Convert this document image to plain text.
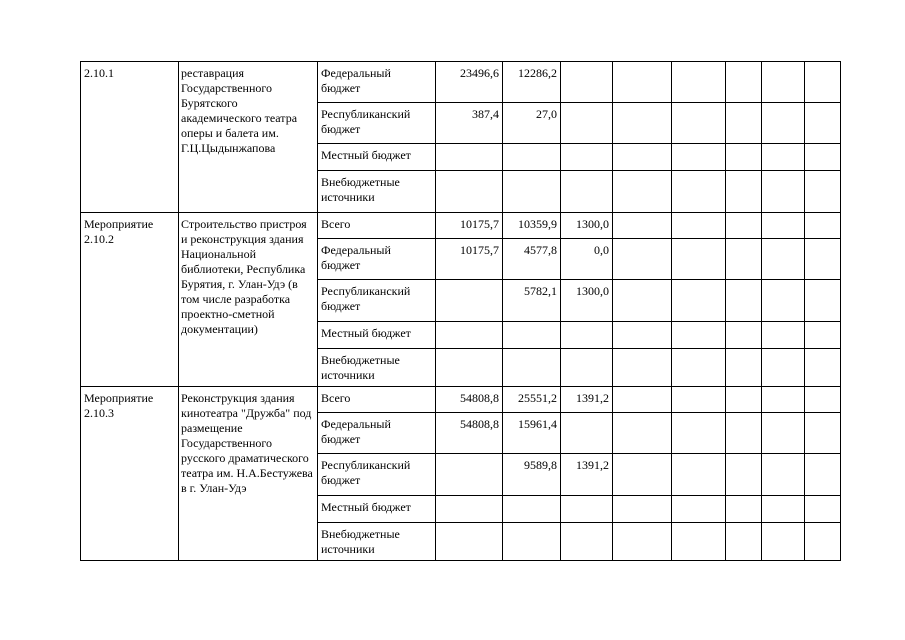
2.10.1	реставрация Государственного Бурятского академического театра оперы и балета им. Г.Ц.Цыдынжапова	Федеральный бюджет	23496,6	12286,2						
		Республиканский бюджет	387,4	27,0						
		Местный бюджет								
		Внебюджетные источники								
Мероприятие 2.10.2	Строительство пристроя и реконструкция здания Национальной библиотеки, Республика Бурятия, г. Улан-Удэ (в том числе разработка проектно-сметной документации)	Всего	10175,7	10359,9	1300,0					
		Федеральный бюджет	10175,7	4577,8	0,0					
		Республиканский бюджет		5782,1	1300,0					
		Местный бюджет								
		Внебюджетные источники								
Мероприятие 2.10.3	Реконструкция здания кинотеатра "Дружба" под размещение Государственного русского драматического театра им. Н.А.Бестужева в г. Улан-Удэ	Всего	54808,8	25551,2	1391,2					
		Федеральный бюджет	54808,8	15961,4						
		Республиканский бюджет		9589,8	1391,2					
		Местный бюджет								
		Внебюджетные источники								
